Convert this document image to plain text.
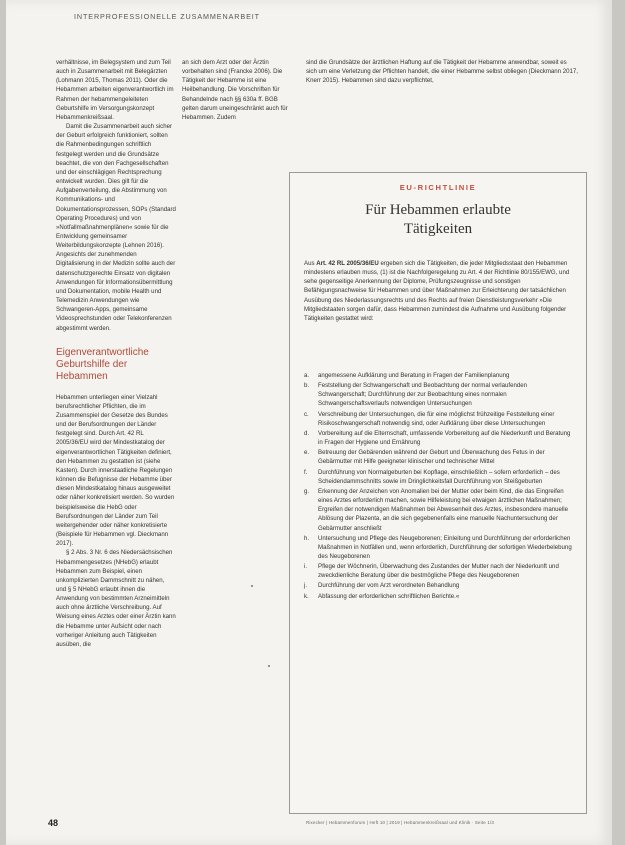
INTERPROFESSIONELLE ZUSAMMENARBEIT

verhältnisse, im Belegsystem und zum Teil auch in Zusammenarbeit mit Belegärzten (Lohmann 2015, Thomas 2011). Oder die Hebammen arbeiten eigenverantwortlich im Rahmen der hebammengeleiteten Geburtshilfe im Versorgungskonzept Hebammenkreißsaal.

Damit die Zusammenarbeit auch sicher der Geburt erfolgreich funktioniert, sollten die Rahmenbedingungen schriftlich festgelegt werden und die Grundsätze beachtet, die von den Fachgesellschaften und der einschlägigen Rechtsprechung entwickelt wurden. Dies gilt für die Aufgabenverteilung, die Abstimmung von Kommunikations- und Dokumentationsprozessen, SOPs (Standard Operating Procedures) und von »Notfallmaßnahmenplänen« sowie für die Entwicklung gemeinsamer Weiterbildungskonzepte (Lehnen 2016). Angesichts der zunehmenden Digitalisierung in der Medizin sollte auch der datenschutzgerechte Einsatz von digitalen Anwendungen für Informationsübermittlung und Dokumentation, mobile Health und Telemedizin Anwendungen wie Schwangeren-Apps, gemeinsame Videosprechstunden oder Telekonferenzen abgestimmt werden.

Eigenverantwortliche Geburtshilfe der Hebammen

Hebammen unterliegen einer Vielzahl berufsrechtlicher Pflichten, die im Zusammenspiel der Gesetze des Bundes und der Berufsordnungen der Länder festgelegt sind. Durch Art. 42 RL 2005/36/EU wird der Mindestkatalog der eigenverantwortlichen Tätigkeiten definiert, den Hebammen zu gestatten ist (siehe Kasten). Durch innerstaatliche Regelungen können die Befugnisse der Hebamme über diesen Mindestkatalog hinaus ausgeweitet oder näher konkretisiert werden. So wurden beispielsweise die HebG oder Berufsordnungen der Länder zum Teil weitergehender oder näher konkretisierte (Beispiele für Hebammen vgl. Dieckmann 2017).

§ 2 Abs. 3 Nr. 6 des Niedersächsischen Hebammengesetzes (NHebG) erlaubt Hebammen zum Beispiel, einen unkomplizierten Dammschnitt zu nähen, und § 5 NHebG erlaubt ihnen die Anwendung von bestimmten Arzneimitteln auch ohne ärztliche Verschreibung. Auf Weisung eines Arztes oder einer Ärztin kann die Hebamme unter Aufsicht oder nach vorheriger Anleitung auch Tätigkeiten ausüben, die

an sich dem Arzt oder der Ärztin vorbehalten sind (Francke 2006). Die Tätigkeit der Hebamme ist eine Heilbehandlung. Die Vorschriften für Behandelnde nach §§ 630a ff. BGB gelten darum uneingeschränkt auch für Hebammen. Zudem
sind die Grundsätze der ärztlichen Haftung auf die Tätigkeit der Hebamme anwendbar, soweit es sich um eine Verletzung der Pflichten handelt, die einer Hebamme selbst obliegen (Dieckmann 2017, Knerr 2015). Hebammen sind dazu verpflichtet,
EU-RICHTLINIE
Für Hebammen erlaubte
Tätigkeiten
Aus Art. 42 RL 2005/36/EU ergeben sich die Tätigkeiten, die jeder Mitgliedsstaat den Hebammen mindestens erlauben muss, (1) ist die Nachfolgeregelung zu Art. 4 der Richtlinie 80/155/EWG, und sehe gegenseitige Anerkennung der Diplome, Prüfungszeugnisse und sonstigen Befähigungsnachweise für Hebammen und über Maßnahmen zur Erleichterung der tatsächlichen Ausübung des Niederlassungsrechts und des Rechts auf freien Dienstleistungsverkehr »Die Mitgliedstaaten sorgen dafür, dass Hebammen zumindest die Aufnahme und Ausübung folgender Tätigkeiten gestattet wird:
a.	angemessene Aufklärung und Beratung in Fragen der Familienplanung
b.	Feststellung der Schwangerschaft und Beobachtung der normal verlaufenden Schwangerschaft; Durchführung der zur Beobachtung eines normalen Schwangerschaftsverlaufs notwendigen Untersuchungen
c.	Verschreibung der Untersuchungen, die für eine möglichst frühzeitige Feststellung einer Risikoschwangerschaft notwendig sind, oder Aufklärung über diese Untersuchungen
d.	Vorbereitung auf die Elternschaft, umfassende Vorbereitung auf die Niederkunft und Beratung in Fragen der Hygiene und Ernährung
e.	Betreuung der Gebärenden während der Geburt und Überwachung des Fetus in der Gebärmutter mit Hilfe geeigneter klinischer und technischer Mittel
f.	Durchführung von Normalgeburten bei Kopflage, einschließlich – sofern erforderlich – des Scheidendammschnitts sowie im Dringlichkeitsfall Durchführung von Steißgeburten
g.	Erkennung der Anzeichen von Anomalien bei der Mutter oder beim Kind, die das Eingreifen eines Arztes erforderlich machen, sowie Hilfeleistung bei etwaigen ärztlichen Maßnahmen; Ergreifen der notwendigen Maßnahmen bei Abwesenheit des Arztes, insbesondere manuelle Ablösung der Plazenta, an die sich gegebenenfalls eine manuelle Nachuntersuchung der Gebärmutter anschließt
h.	Untersuchung und Pflege des Neugeborenen; Einleitung und Durchführung der erforderlichen Maßnahmen in Notfällen und, wenn erforderlich, Durchführung der sofortigen Wiederbelebung des Neugeborenen
i.	Pflege der Wöchnerin, Überwachung des Zustandes der Mutter nach der Niederkunft und zweckdienliche Beratung über die bestmögliche Pflege des Neugeborenen
j.	Durchführung der vom Arzt verordneten Behandlung
k.	Abfassung der erforderlichen schriftlichen Berichte.«
48	Rixecker | Hebammenforum | Heft 10 | 2019 | Hebammenkreißsaal und Klinik · Seite 1/3
